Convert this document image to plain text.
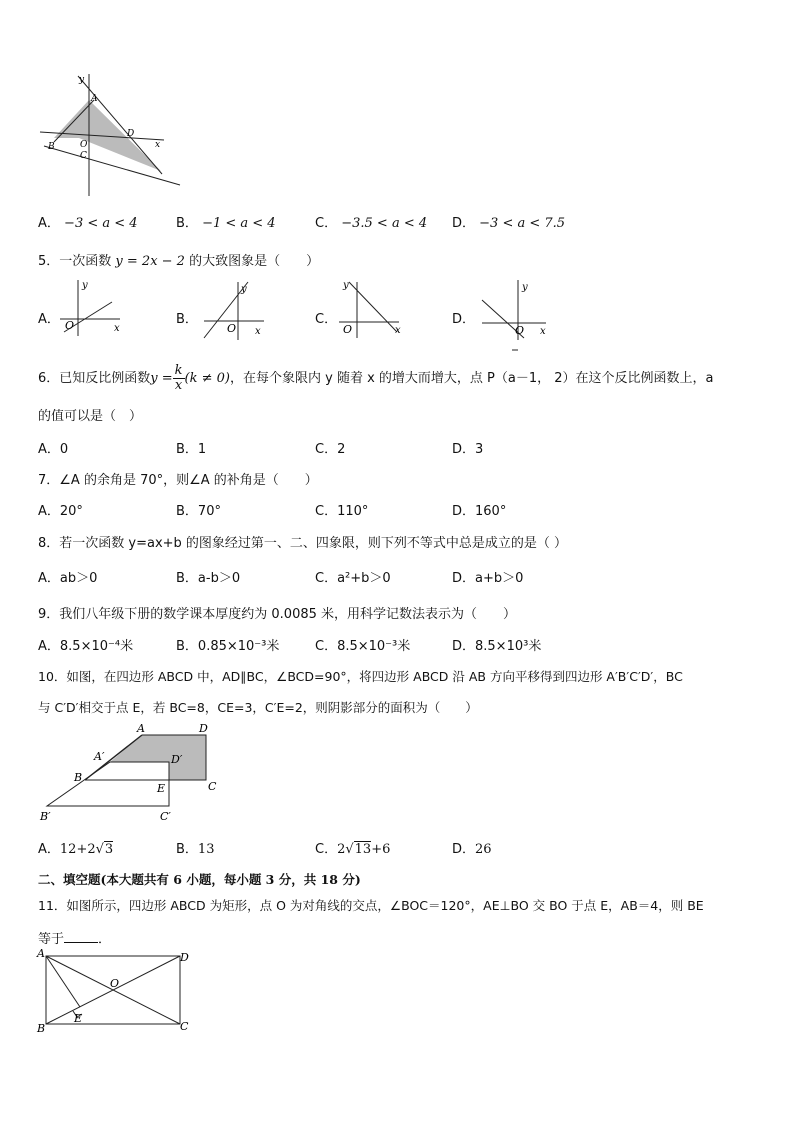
y
A
B	O
C
D
x
A． −3 < a < 4	B． −1 < a < 4	C． −3.5 < a < 4 D． −3 < a < 7.5
5．一次函数 y = 2x − 2 的大致图象是（　　）
A．
y
O	x
B．
y
O x
C．
y
O	x
D．
y
O x
6．已知反比例函数$y = \frac{k}{x} (k \ne 0)$，在每个象限内 y 随着 x 的增大而增大，点 P（a－1， 2）在这个反比例函数上，a
的值可以是（　）
A．0	B．1	C．2	D．3
7．∠A 的余角是 70°，则∠A 的补角是（　　）
A．20°	B．70°	C．110°	D．160°
8．若一次函数 y=ax+b 的图象经过第一、二、四象限，则下列不等式中总是成立的是（ ）
A．ab＞0	B．a-b＞0	C．a²+b＞0	D．a+b＞0
9．我们八年级下册的数学课本厚度约为 0.0085 米，用科学记数法表示为（　　）
A．8.5×10⁻⁴米	B．0.85×10⁻³米	C．8.5×10⁻³米	D．8.5×10³米
10．如图，在四边形 ABCD 中，AD∥BC，∠BCD=90°，将四边形 ABCD 沿 AB 方向平移得到四边形 A′B′C′D′，BC
与 C′D′相交于点 E，若 BC=8，CE=3，C′E=2，则阴影部分的面积为（　　）
A	D
A′	D′
B
E	C
B′	C′
A．12+2√3	B．13	C．2√13+6	D．26
二、填空题(本大题共有 6 小题，每小题 3 分，共 18 分)
11．如图所示，四边形 ABCD 为矩形，点 O 为对角线的交点，∠BOC＝120°，AE⊥BO 交 BO 于点 E，AB＝4，则 BE
等于	．
A	D
O
E
B	C
